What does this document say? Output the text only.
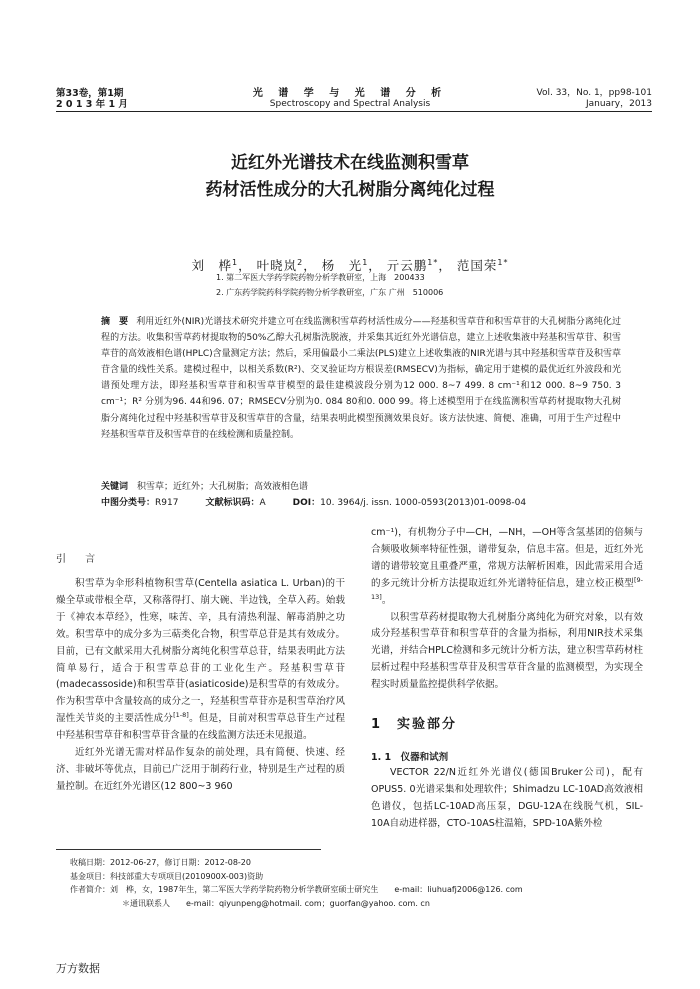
第33卷，第1期
2 0 1 3 年 1 月
光 谱 学 与 光 谱 分 析
Spectroscopy and Spectral Analysis
Vol. 33，No. 1，pp98-101
January，2013
近红外光谱技术在线监测积雪草
药材活性成分的大孔树脂分离纯化过程
刘　桦$^1$， 叶晓岚$^2$， 杨　光$^1$， 亓云鹏$^{1*}$， 范国荣$^{1*}$
1. 第二军医大学药学院药物分析学教研室，上海　200433
2. 广东药学院药科学院药物分析学教研室，广东 广州　510006
摘　要 利用近红外(NIR)光谱技术研究并建立可在线监测积雪草药材活性成分——羟基积雪草苷和积雪草苷的大孔树脂分离纯化过程的方法。收集积雪草药材提取物的50%乙醇大孔树脂洗脱液，并采集其近红外光谱信息，建立上述收集液中羟基积雪草苷、积雪草苷的高效液相色谱(HPLC)含量测定方法；然后，采用偏最小二乘法(PLS)建立上述收集液的NIR光谱与其中羟基积雪草苷及积雪草苷含量的线性关系。建模过程中，以相关系数(R²)、交叉验证均方根误差(RMSECV)为指标，确定用于建模的最优近红外波段和光谱预处理方法，即羟基积雪草苷和积雪草苷模型的最佳建模波段分别为12 000. 8~7 499. 8 cm⁻¹和12 000. 8~9 750. 3 cm⁻¹；R² 分别为96. 44和96. 07；RMSECV分别为0. 084 80和0. 000 99。将上述模型用于在线监测积雪草药材提取物大孔树脂分离纯化过程中羟基积雪草苷及积雪草苷的含量，结果表明此模型预测效果良好。该方法快速、简便、准确，可用于生产过程中羟基积雪草苷及积雪草苷的在线检测和质量控制。
关键词　 积雪草；近红外；大孔树脂；高效液相色谱
中图分类号：R917　　　	文献标识码：A　　　	DOI：10. 3964/j. issn. 1000-0593(2013)01-0098-04
引 言

积雪草为伞形科植物积雪草(Centella asiatica L. Urban)的干燥全草或带根全草，又称落得打、崩大碗、半边钱，全草入药。始载于《神农本草经》，性寒，味苦、辛，具有清热利湿、解毒消肿之功效。积雪草中的成分多为三萜类化合物，积雪草总苷是其有效成分。目前，已有文献采用大孔树脂分离纯化积雪草总苷，结果表明此方法简单易行，适合于积雪草总苷的工业化生产。羟基积雪草苷(madecassoside)和积雪草苷(asiaticoside)是积雪草的有效成分。作为积雪草中含量较高的成分之一，羟基积雪草苷亦是积雪草治疗风湿性关节炎的主要活性成分[1-8]。但是，目前对积雪草总苷生产过程中羟基积雪草苷和积雪草苷含量的在线监测方法还未见报道。

近红外光谱无需对样品作复杂的前处理，具有简便、快速、经济、非破坏等优点，目前已广泛用于制药行业，特别是生产过程的质量控制。在近红外光谱区(12 800~3 960

cm⁻¹)，有机物分子中—CH，—NH，—OH等含氢基团的倍频与合频吸收频率特征性强，谱带复杂，信息丰富。但是，近红外光谱的谱带较宽且重叠严重，常规方法解析困难，因此需采用合适的多元统计分析方法提取近红外光谱特征信息，建立校正模型[9-13]。

以积雪草药材提取物大孔树脂分离纯化为研究对象，以有效成分羟基积雪草苷和积雪草苷的含量为指标，利用NIR技术采集光谱，并结合HPLC检测和多元统计分析方法，建立积雪草药材柱层析过程中羟基积雪草苷及积雪草苷含量的监测模型，为实现全程实时质量监控提供科学依据。

1　实验部分
1. 1　仪器和试剂

VECTOR 22/N近红外光谱仪(德国Bruker公司)，配有OPUS5. 0光谱采集和处理软件；Shimadzu LC-10AD高效液相色谱仪，包括LC-10AD高压泵，DGU-12A在线脱气机，SIL-10A自动进样器，CTO-10AS柱温箱，SPD-10A紫外检

收稿日期：2012-06-27，修订日期：2012-08-20
基金项目：科技部重大专项项目(2010900X-003)资助
作者简介：刘　桦，女，1987年生，第二军医大学药学院药物分析学教研室硕士研究生　　e-mail：liuhuafj2006@126. com
＊通讯联系人　　e-mail：qiyunpeng@hotmail. com；guorfan@yahoo. com. cn
万方数据
